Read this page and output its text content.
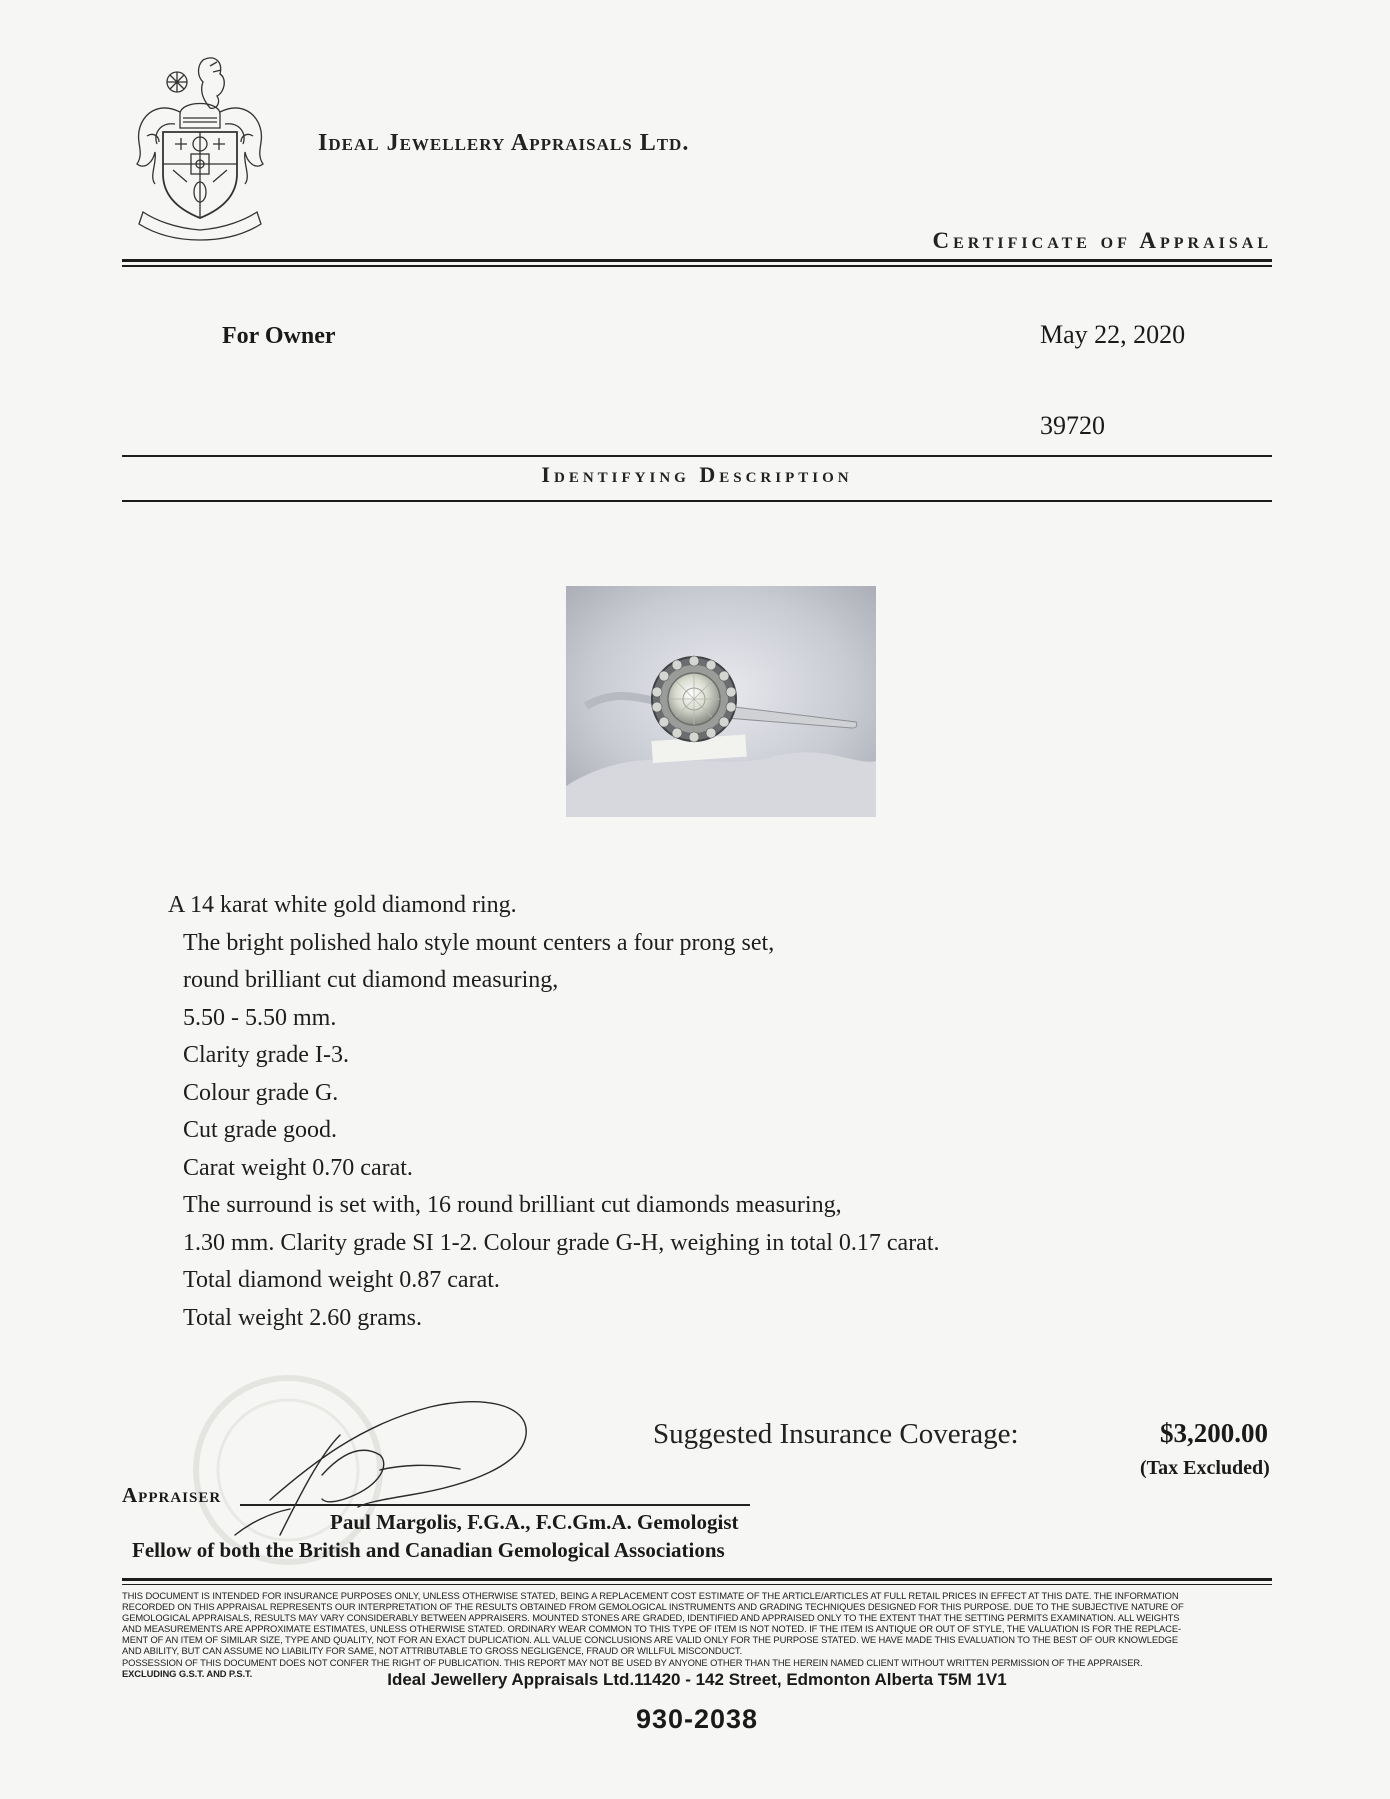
Ideal Jewellery Appraisals Ltd.
Certificate of Appraisal
For Owner	May 22, 2020
39720
Identifying Description
A 14 karat white gold diamond ring.
The bright polished halo style mount centers a four prong set,
round brilliant cut diamond measuring,
5.50 - 5.50 mm.
Clarity grade I-3.
Colour grade G.
Cut grade good.
Carat weight 0.70 carat.
The surround is set with, 16 round brilliant cut diamonds measuring,
1.30 mm. Clarity grade SI 1-2. Colour grade G-H, weighing in total 0.17 carat.
Total diamond weight 0.87 carat.
Total weight 2.60 grams.
Suggested Insurance Coverage:	$3,200.00
(Tax Excluded)
Appraiser
Paul Margolis, F.G.A., F.C.Gm.A. Gemologist
Fellow of both the British and Canadian Gemological Associations
THIS DOCUMENT IS INTENDED FOR INSURANCE PURPOSES ONLY, UNLESS OTHERWISE STATED, BEING A REPLACEMENT COST ESTIMATE OF THE ARTICLE/ARTICLES AT FULL RETAIL PRICES IN EFFECT AT THIS DATE. THE INFORMATION
RECORDED ON THIS APPRAISAL REPRESENTS OUR INTERPRETATION OF THE RESULTS OBTAINED FROM GEMOLOGICAL INSTRUMENTS AND GRADING TECHNIQUES DESIGNED FOR THIS PURPOSE. DUE TO THE SUBJECTIVE NATURE OF
GEMOLOGICAL APPRAISALS, RESULTS MAY VARY CONSIDERABLY BETWEEN APPRAISERS. MOUNTED STONES ARE GRADED, IDENTIFIED AND APPRAISED ONLY TO THE EXTENT THAT THE SETTING PERMITS EXAMINATION. ALL WEIGHTS
AND MEASUREMENTS ARE APPROXIMATE ESTIMATES, UNLESS OTHERWISE STATED. ORDINARY WEAR COMMON TO THIS TYPE OF ITEM IS NOT NOTED. IF THE ITEM IS ANTIQUE OR OUT OF STYLE, THE VALUATION IS FOR THE REPLACE-
MENT OF AN ITEM OF SIMILAR SIZE, TYPE AND QUALITY, NOT FOR AN EXACT DUPLICATION. ALL VALUE CONCLUSIONS ARE VALID ONLY FOR THE PURPOSE STATED. WE HAVE MADE THIS EVALUATION TO THE BEST OF OUR KNOWLEDGE
AND ABILITY, BUT CAN ASSUME NO LIABILITY FOR SAME, NOT ATTRIBUTABLE TO GROSS NEGLIGENCE, FRAUD OR WILLFUL MISCONDUCT.
POSSESSION OF THIS DOCUMENT DOES NOT CONFER THE RIGHT OF PUBLICATION. THIS REPORT MAY NOT BE USED BY ANYONE OTHER THAN THE HEREIN NAMED CLIENT WITHOUT WRITTEN PERMISSION OF THE APPRAISER.
EXCLUDING G.S.T. AND P.S.T.	Ideal Jewellery Appraisals Ltd.11420 - 142 Street, Edmonton Alberta T5M 1V1
930-2038
